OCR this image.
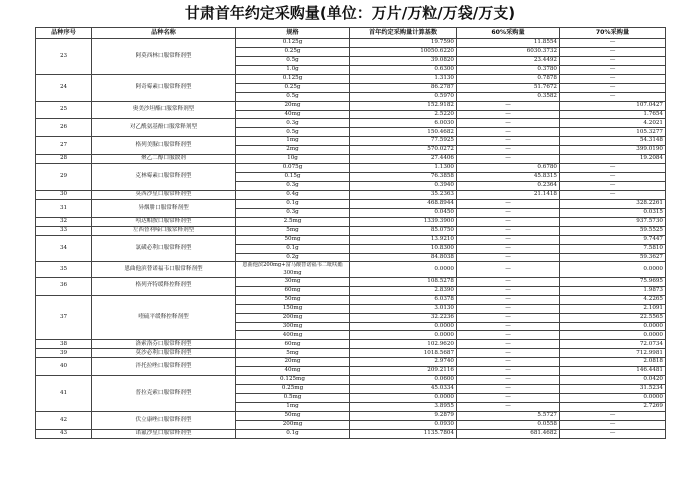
甘肃首年约定采购量(单位：万片/万粒/万袋/万支)
品种序号	品种名称	规格	首年约定采购量计算基数	60%采购量	70%采购量
23	阿莫西林口服常释剂型	0.125g	19.7590	11.8554	—
		0.25g	10050.6220	6030.3732	—
		0.5g	39.0820	23.4492	—
		1.0g	0.6300	0.3780	—
24	阿奇霉素口服常释剂型	0.125g	1.3130	0.7878	—
		0.25g	86.2787	51.7672	—
		0.5g	0.5970	0.3582	—
25	奥美沙坦酯口服常释剂型	20mg	152.9182	—	107.0427
		40mg	2.5220	—	1.7654
26	对乙酰氨基酚口服常释剂型	0.3g	6.0030	—	4.2021
		0.5g	150.4682	—	105.3277
27	格列美脲口服常释剂型	1mg	77.5925	—	54.3148
		2mg	570.0272	—	399.0190
28	聚乙二醇口服散剂	10g	27.4406	—	19.2084
29	克林霉素口服常释剂型	0.075g	1.1300	0.6780	—
		0.15g	76.3858	45.8315	—
		0.3g	0.3940	0.2364	—
30	莫西沙星口服常释剂型	0.4g	35.2363	21.1418	—
31	异烟肼口服常释剂型	0.1g	468.8944	—	328.2261
		0.3g	0.0450	—	0.0315
32	吲达帕胺口服常释剂型	2.5mg	1339.3900	—	937.5730
33	左西替利嗪口服常释剂型	5mg	85.0750	—	59.5525
34	氯磺必利口服常释剂型	50mg	13.9210	—	9.7447
		0.1g	10.8300	—	7.5810
		0.2g	84.8038	—	59.3627
35	恩曲他滨替诺福韦口服常释剂型	恩曲他滨200mg+富马酸替诺福韦二吡呋酯300mg	0.0000	—	0.0000
36	格列齐特缓释控释剂型	30mg	108.5278	—	75.9695
		60mg	2.8390	—	1.9873
37	喹硫平缓释控释剂型	50mg	6.0378	—	4.2265
		150mg	3.0130	—	2.1091
		200mg	32.2236	—	22.5565
		300mg	0.0000	—	0.0000
		400mg	0.0000	—	0.0000
38	洛索洛芬口服常释剂型	60mg	102.9620	—	72.0734
39	莫沙必利口服常释剂型	5mg	1018.5687	—	712.9981
40	泮托拉唑口服常释剂型	20mg	2.9740	—	2.0818
		40mg	209.2116	—	146.4481
41	普拉克索口服常释剂型	0.125mg	0.0600	—	0.0420
		0.25mg	45.0334	—	31.5234
		0.5mg	0.0000	—	0.0000
		1mg	3.8955	—	2.7269
42	伏立康唑口服常释剂型	50mg	9.2879	5.5727	—
		200mg	0.0930	0.0558	—
43	诺氟沙星口服常释剂型	0.1g	1135.7804	681.4682	—
